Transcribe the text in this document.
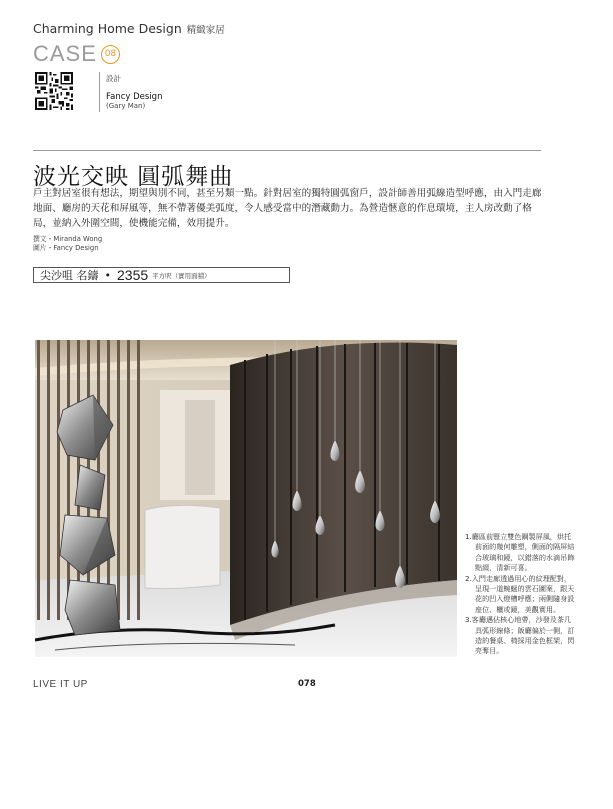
Charming Home Design 精緻家居
CASE 08
設計
Fancy Design
(Gary Man)
波光交映 圓弧舞曲

戶主對居室很有想法，期望與別不同，甚至另類一點。針對居室的獨特圓弧窗戶，設計師善用弧線造型呼應，由入門走廊地面、廳房的天花和屏風等，無不帶著優美弧度，令人感受當中的潛藏動力。為營造愜意的作息環境，主人房改動了格局，並納入外圍空間，使機能完備，效用提升。

撰文・Miranda Wong
圖片・Fancy Design
尖沙咀 名鑄 • 2355 平方呎（實用面積）
1.廳區前豎立雙色鋼製屏風，烘托前面的幾何雕塑，側面的隔屏結合玻璃和鏡，以錯落的水滴吊飾點綴，清新可喜。
2.入門走廊透過用心的紋理配對，呈現一道蜿蜒的雲石圖案，跟天花的凹入燈槽呼應；兩側隨身設座位、櫃或鏡，美觀實用。
3.客廳邁佔核心地帶，沙發及茶几具弧形線條；飯廳偏於一側，訂造的餐桌、椅採用金色框架，閃亮奪目。
LIVE IT UP	078
